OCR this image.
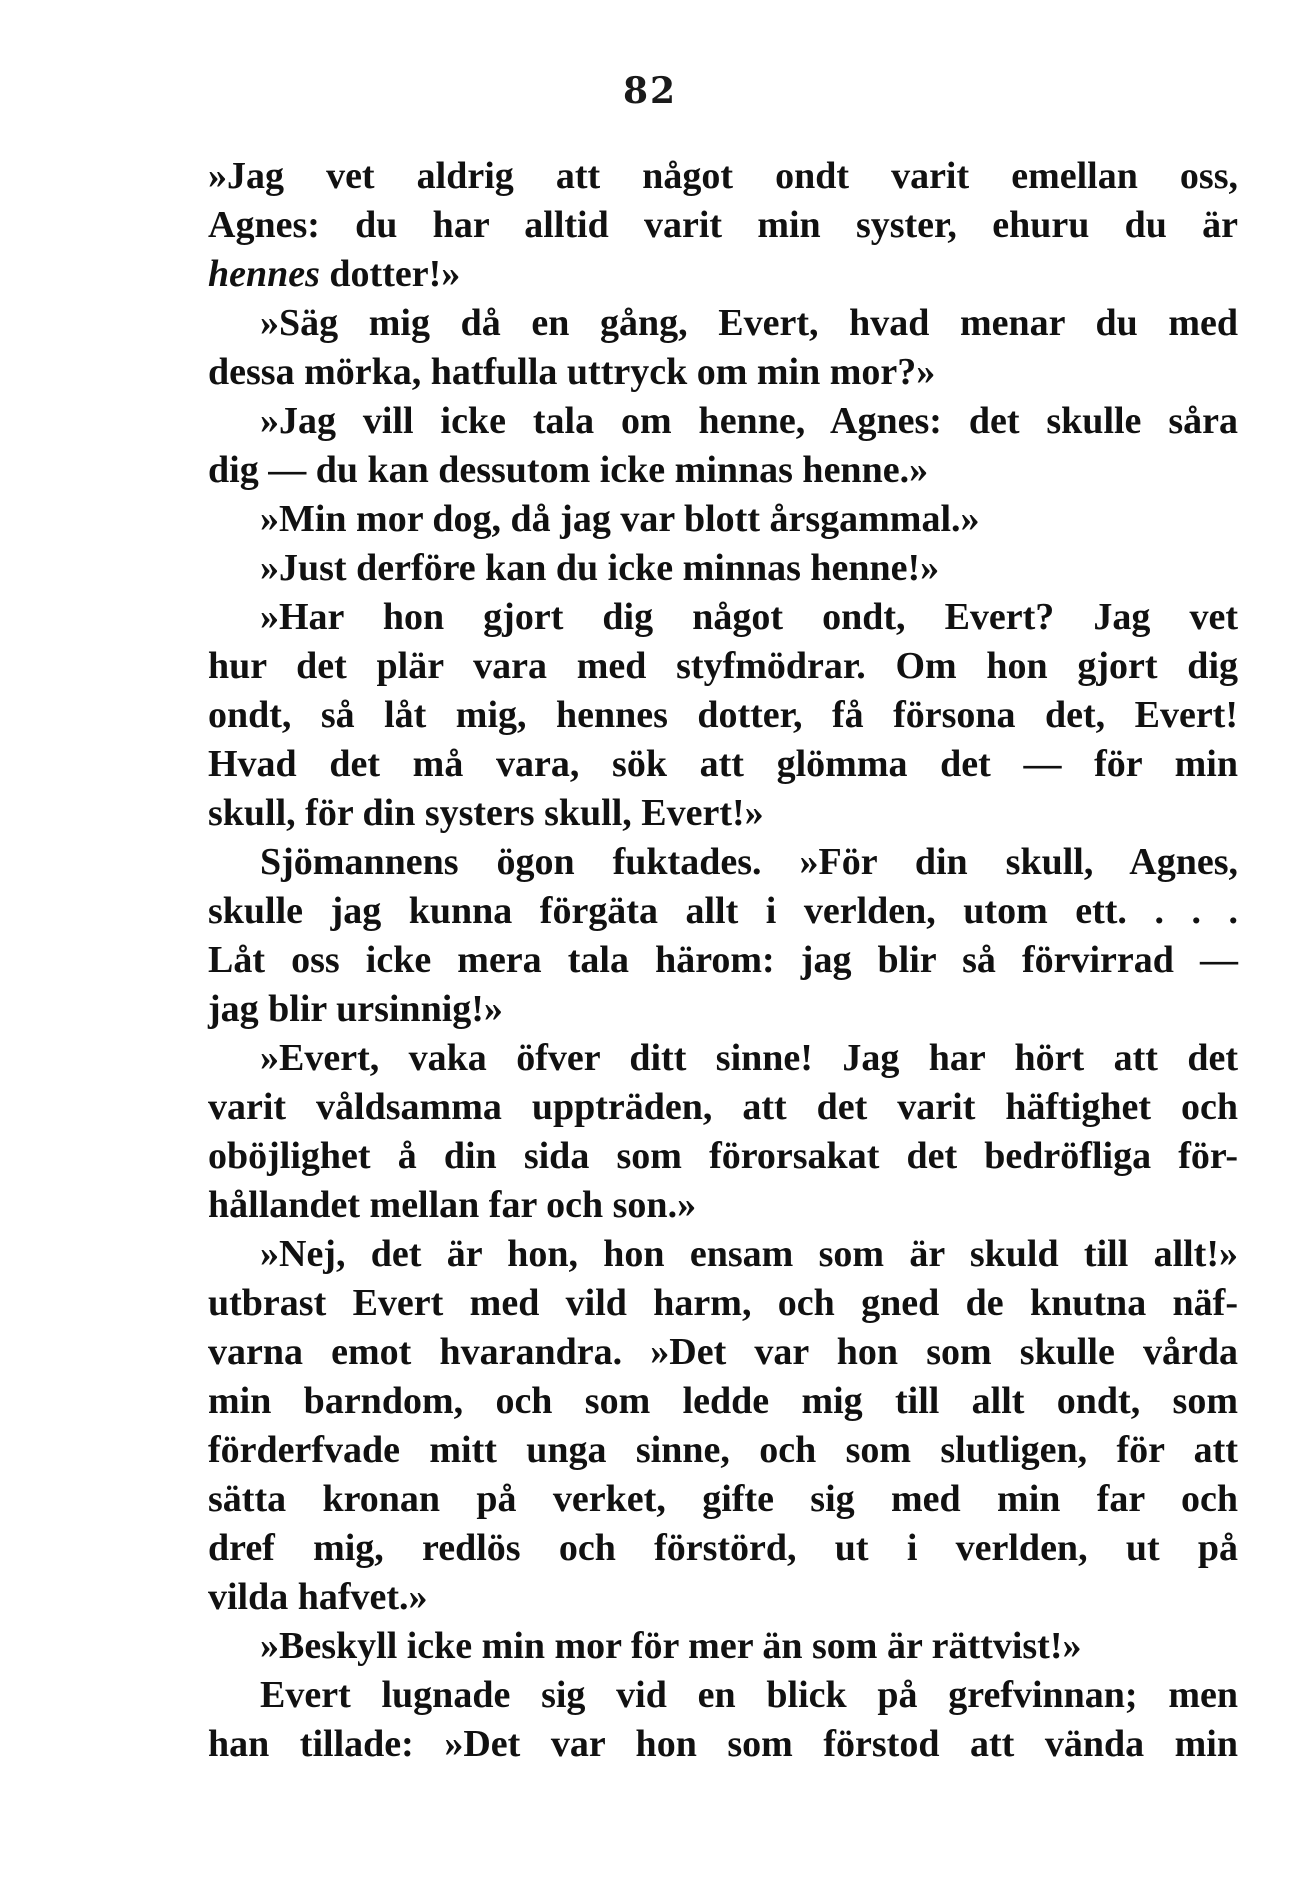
82
»Jag vet aldrig att något ondt varit emellan oss,
Agnes: du har alltid varit min syster, ehuru du är
hennes dotter!»
»Säg mig då en gång, Evert, hvad menar du med
dessa mörka, hatfulla uttryck om min mor?»
»Jag vill icke tala om henne, Agnes: det skulle såra
dig — du kan dessutom icke minnas henne.»
»Min mor dog, då jag var blott årsgammal.»
»Just derföre kan du icke minnas henne!»
»Har hon gjort dig något ondt, Evert? Jag vet
hur det plär vara med styfmödrar. Om hon gjort dig
ondt, så låt mig, hennes dotter, få försona det, Evert!
Hvad det må vara, sök att glömma det — för min
skull, för din systers skull, Evert!»
Sjömannens ögon fuktades. »För din skull, Agnes,
skulle jag kunna förgäta allt i verlden, utom ett. . . .
Låt oss icke mera tala härom: jag blir så förvirrad —
jag blir ursinnig!»
»Evert, vaka öfver ditt sinne! Jag har hört att det
varit våldsamma uppträden, att det varit häftighet och
oböjlighet å din sida som förorsakat det bedröfliga för-
hållandet mellan far och son.»
»Nej, det är hon, hon ensam som är skuld till allt!»
utbrast Evert med vild harm, och gned de knutna näf-
varna emot hvarandra. »Det var hon som skulle vårda
min barndom, och som ledde mig till allt ondt, som
förderfvade mitt unga sinne, och som slutligen, för att
sätta kronan på verket, gifte sig med min far och
dref mig, redlös och förstörd, ut i verlden, ut på
vilda hafvet.»
»Beskyll icke min mor för mer än som är rättvist!»
Evert lugnade sig vid en blick på grefvinnan; men
han tillade: »Det var hon som förstod att vända min
